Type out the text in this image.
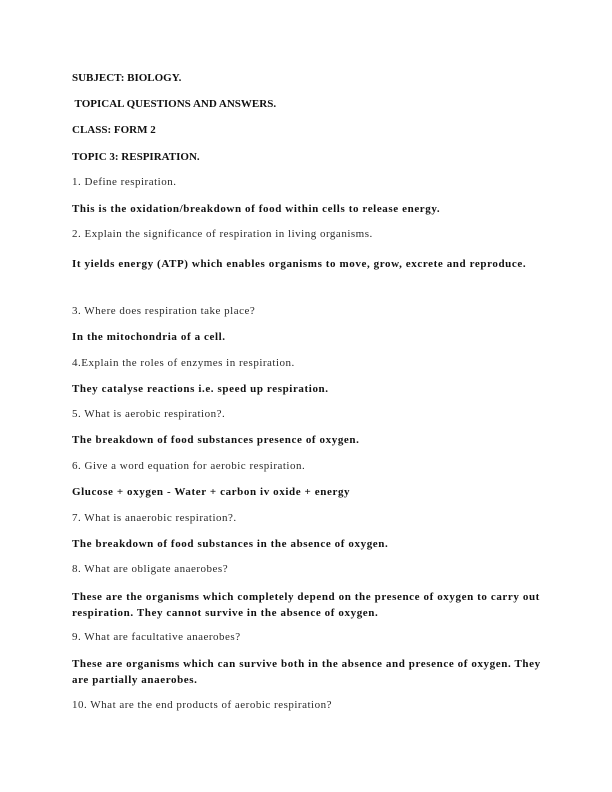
SUBJECT: BIOLOGY.
TOPICAL QUESTIONS AND ANSWERS.
CLASS: FORM 2
TOPIC 3: RESPIRATION.
1. Define respiration.
This is the oxidation/breakdown of food within cells to release energy.
2. Explain the significance of respiration in living organisms.
It yields energy (ATP) which enables organisms to move, grow, excrete and reproduce.
3. Where does respiration take place?
In the mitochondria of a cell.
4.Explain the roles of enzymes in respiration.
They catalyse reactions i.e. speed up respiration.
5. What is aerobic respiration?.
The breakdown of food substances presence of oxygen.
6. Give a word equation for aerobic respiration.
Glucose + oxygen - Water + carbon iv oxide + energy
7. What is anaerobic respiration?.
The breakdown of food substances in the absence of oxygen.
8. What are obligate anaerobes?
These are the organisms which completely depend on the presence of oxygen to carry out respiration. They cannot survive in the absence of oxygen.
9. What are facultative anaerobes?
These are organisms which can survive both in the absence and presence of oxygen. They are partially anaerobes.
10. What are the end products of aerobic respiration?
